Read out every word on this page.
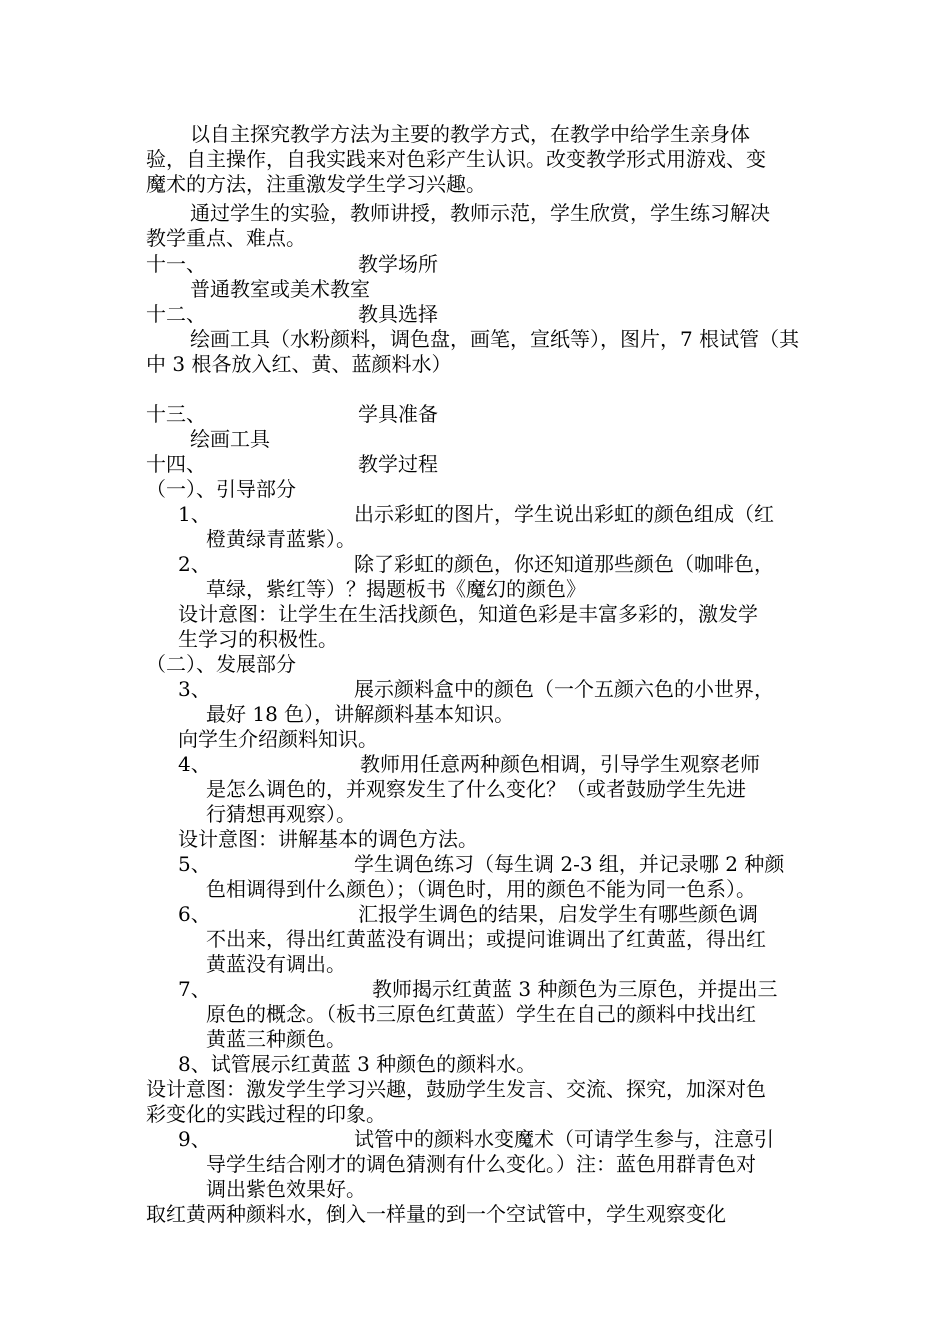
以自主探究教学方法为主要的教学方式，在教学中给学生亲身体

验，自主操作，自我实践来对色彩产生认识。改变教学形式用游戏、变

魔术的方法，注重激发学生学习兴趣。

通过学生的实验，教师讲授，教师示范，学生欣赏，学生练习解决

教学重点、难点。

十一、	教学场所

普通教室或美术教室

十二、	教具选择

绘画工具（水粉颜料，调色盘，画笔，宣纸等），图片，7 根试管（其

中 3 根各放入红、黄、蓝颜料水）

十三、	学具准备

绘画工具

十四、	教学过程

（一）、引导部分

1、	出示彩虹的图片，学生说出彩虹的颜色组成（红

橙黄绿青蓝紫）。

2、	除了彩虹的颜色，你还知道那些颜色（咖啡色，

草绿，紫红等）？揭题板书《魔幻的颜色》

设计意图：让学生在生活找颜色，知道色彩是丰富多彩的，激发学

生学习的积极性。

（二）、发展部分

3、	展示颜料盒中的颜色（一个五颜六色的小世界，

最好 18 色），讲解颜料基本知识。

向学生介绍颜料知识。

4、	教师用任意两种颜色相调，引导学生观察老师

是怎么调色的，并观察发生了什么变化？（或者鼓励学生先进

行猜想再观察）。

设计意图：讲解基本的调色方法。

5、	学生调色练习（每生调 2-3 组，并记录哪 2 种颜

色相调得到什么颜色）；（调色时，用的颜色不能为同一色系）。

6、	汇报学生调色的结果，启发学生有哪些颜色调

不出来，得出红黄蓝没有调出；或提问谁调出了红黄蓝，得出红

黄蓝没有调出。

7、	教师揭示红黄蓝 3 种颜色为三原色，并提出三

原色的概念。（板书三原色红黄蓝）学生在自己的颜料中找出红

黄蓝三种颜色。

8、试管展示红黄蓝 3 种颜色的颜料水。

设计意图：激发学生学习兴趣，鼓励学生发言、交流、探究，加深对色

彩变化的实践过程的印象。

9、	试管中的颜料水变魔术（可请学生参与，注意引

导学生结合刚才的调色猜测有什么变化。）注：蓝色用群青色对

调出紫色效果好。

取红黄两种颜料水，倒入一样量的到一个空试管中，学生观察变化
